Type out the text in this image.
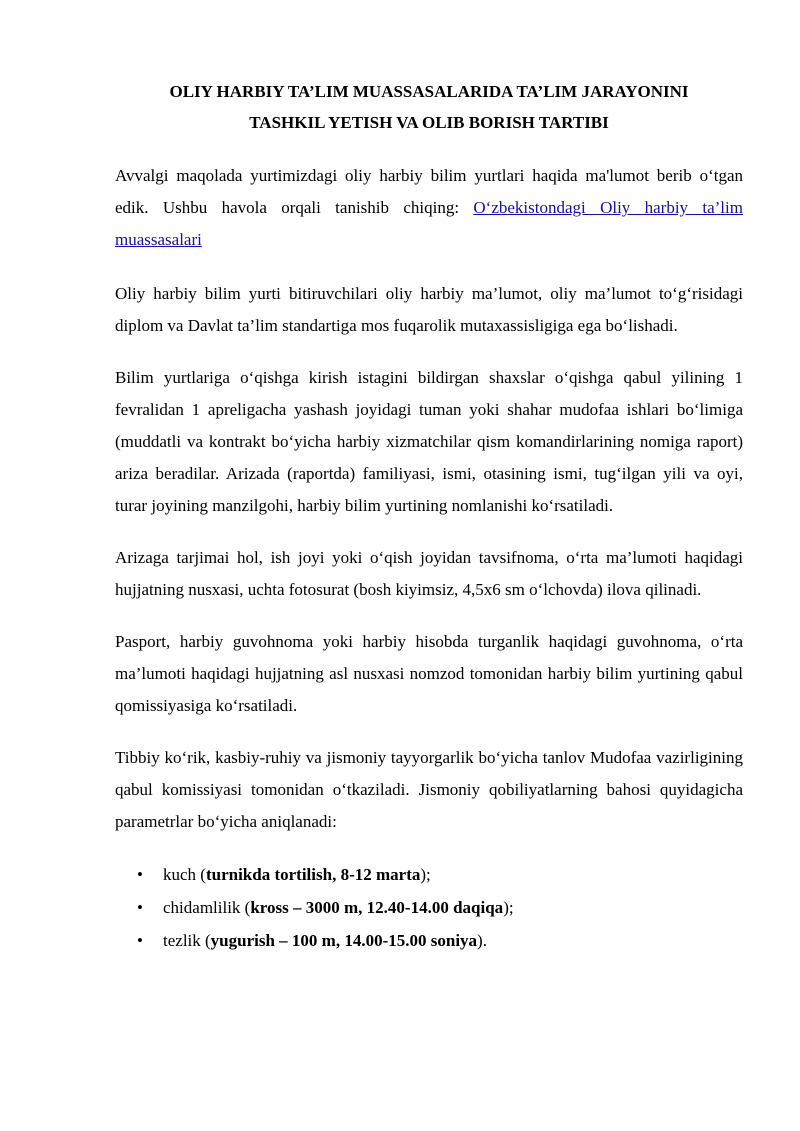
OLIY HARBIY TA’LIM MUASSASALARIDA TA’LIM JARAYONINI
TASHKIL YETISH VA OLIB BORISH TARTIBI

Avvalgi maqolada yurtimizdagi oliy harbiy bilim yurtlari haqida ma'lumot berib o‘tgan edik. Ushbu havola orqali tanishib chiqing: O‘zbekistondagi Oliy harbiy ta’lim muassasalari

Oliy harbiy bilim yurti bitiruvchilari oliy harbiy ma’lumot, oliy ma’lumot to‘g‘risidagi diplom va Davlat ta’lim standartiga mos fuqarolik mutaxassisligiga ega bo‘lishadi.

Bilim yurtlariga o‘qishga kirish istagini bildirgan shaxslar o‘qishga qabul yilining 1 fevralidan 1 apreligacha yashash joyidagi tuman yoki shahar mudofaa ishlari bo‘limiga (muddatli va kontrakt bo‘yicha harbiy xizmatchilar qism komandirlarining nomiga raport) ariza beradilar. Arizada (raportda) familiyasi, ismi, otasining ismi, tug‘ilgan yili va oyi, turar joyining manzilgohi, harbiy bilim yurtining nomlanishi ko‘rsatiladi.

Arizaga tarjimai hol, ish joyi yoki o‘qish joyidan tavsifnoma, o‘rta ma’lumoti haqidagi hujjatning nusxasi, uchta fotosurat (bosh kiyimsiz, 4,5x6 sm o‘lchovda) ilova qilinadi.

Pasport, harbiy guvohnoma yoki harbiy hisobda turganlik haqidagi guvohnoma, o‘rta ma’lumoti haqidagi hujjatning asl nusxasi nomzod tomonidan harbiy bilim yurtining qabul qomissiyasiga ko‘rsatiladi.

Tibbiy ko‘rik, kasbiy-ruhiy va jismoniy tayyorgarlik bo‘yicha tanlov Mudofaa vazirligining qabul komissiyasi tomonidan o‘tkaziladi. Jismoniy qobiliyatlarning bahosi quyidagicha parametrlar bo‘yicha aniqlanadi:

• kuch (turnikda tortilish, 8-12 marta);
• chidamlilik (kross – 3000 m, 12.40-14.00 daqiqa);
• tezlik (yugurish – 100 m, 14.00-15.00 soniya).
